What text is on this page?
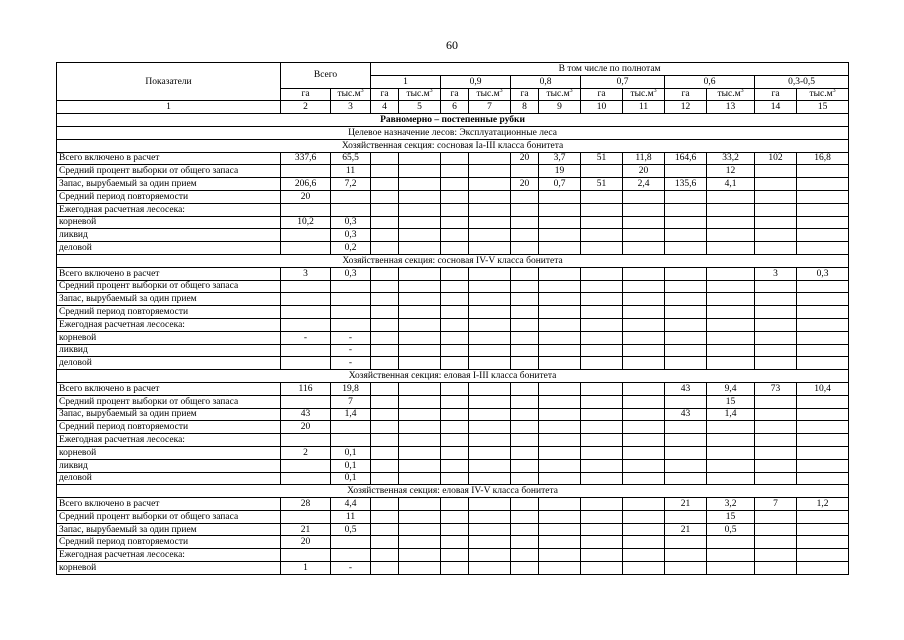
60
Показатели	Всего		В том числе по полнотам											
			1		0,9		0,8		0,7		0,6		0,3-0,5	
	га	$тыс.м^3$	га	$тыс.м^3$	га	$тыс.м^3$	га	$тыс.м^3$	га	$тыс.м^3$	га	$тыс.м^3$	га	$тыс.м^3$
1	2	3	4	5	6	7	8	9	10	11	12	13	14	15
Равномерно – постепенные рубки														
Целевое назначение лесов: Эксплуатационные леса														
Хозяйственная секция: сосновая Iа-III класса бонитета														
Всего включено в расчет	337,6	65,5					20	3,7	51	11,8	164,6	33,2	102	16,8
Средний процент выборки от общего запаса		11						19		20		12		
Запас, вырубаемый за один прием	206,6	7,2					20	0,7	51	2,4	135,6	4,1		
Средний период повторяемости	20													
Ежегодная расчетная лесосека:														
корневой	10,2	0,3												
ликвид		0,3												
деловой		0,2												
Хозяйственная секция: сосновая IV-V класса бонитета														
Всего включено в расчет	3	0,3											3	0,3
Средний процент выборки от общего запаса														
Запас, вырубаемый за один прием														
Средний период повторяемости														
Ежегодная расчетная лесосека:														
корневой	-	-												
ликвид		-												
деловой		-												
Хозяйственная секция: еловая I-III класса бонитета														
Всего включено в расчет	116	19,8									43	9,4	73	10,4
Средний процент выборки от общего запаса		7										15		
Запас, вырубаемый за один прием	43	1,4									43	1,4		
Средний период повторяемости	20													
Ежегодная расчетная лесосека:														
корневой	2	0,1												
ликвид		0,1												
деловой		0,1												
Хозяйственная секция: еловая IV-V класса бонитета														
Всего включено в расчет	28	4,4									21	3,2	7	1,2
Средний процент выборки от общего запаса		11										15		
Запас, вырубаемый за один прием	21	0,5									21	0,5		
Средний период повторяемости	20													
Ежегодная расчетная лесосека:														
корневой	1	-												
